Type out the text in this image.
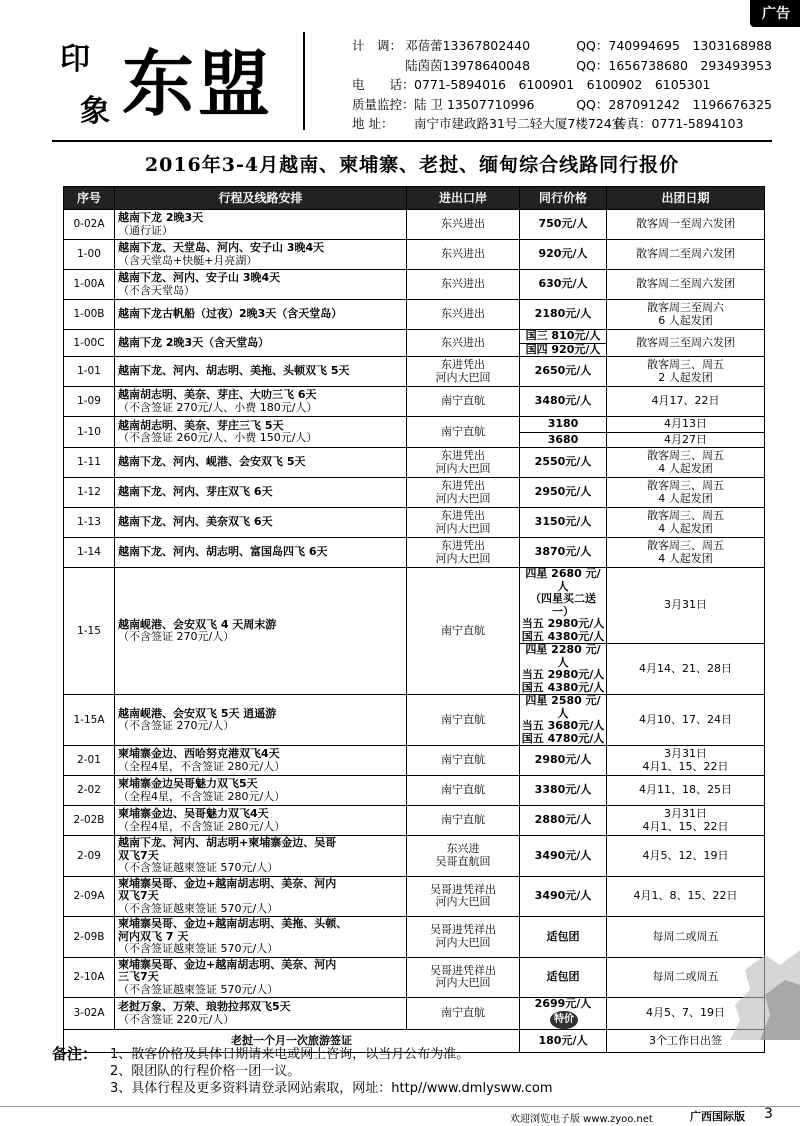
广告
印
象 东盟	计　调： 邓蓓蕾13367802440	QQ：740994695　1303168988
陆茵茵13978640048	QQ：1656738680　293493953
电　　话： 0771-5894016　6100901　6100902　6105301
质量监控： 陆 卫 13507710996	QQ：287091242　1196676325
地 址：	南宁市建政路31号二轻大厦7楼724室
传真：0771-5894103
2016年3-4月越南、柬埔寨、老挝、缅甸综合线路同行报价
序号	行程及线路安排	进出口岸	同行价格	出团日期
0-02A	越南下龙 2晚3天
（通行证）	东兴进出	750元/人	散客周一至周六发团
1-00	越南下龙、天堂岛、河内、安子山 3晚4天
（含天堂岛+快艇+月亮湖）	东兴进出	920元/人	散客周二至周六发团
1-00A	越南下龙、河内、安子山 3晚4天
（不含天堂岛）	东兴进出	630元/人	散客周二至周六发团
1-00B	越南下龙古帆船（过夜）2晚3天（含天堂岛）	东兴进出	2180元/人	散客周三至周六
6 人起发团
1-00C	越南下龙 2晚3天（含天堂岛）	东兴进出	国三 810元/人	散客周三至周六发团

			国四 920元/人	

1-01	越南下龙、河内、胡志明、美拖、头顿双飞 5天	东进凭出
河内大巴回	2650元/人	散客周三、周五
2 人起发团
1-09	越南胡志明、美奈、芽庄、大叻三飞 6天
（不含签证 270元/人、小费 180元/人）	南宁直航	3480元/人	4月17、22日
1-10	越南胡志明、美奈、芽庄三飞 5天
（不含签证 260元/人、小费 150元/人）	南宁直航	3180	4月13日

			3680	4月27日
1-11	越南下龙、河内、岘港、会安双飞 5天	东进凭出
河内大巴回	2550元/人	散客周三、周五
4 人起发团
1-12	越南下龙、河内、芽庄双飞 6天	东进凭出
河内大巴回	2950元/人	散客周三、周五
4 人起发团
1-13	越南下龙、河内、美奈双飞 6天	东进凭出
河内大巴回	3150元/人	散客周三、周五
4 人起发团
1-14	越南下龙、河内、胡志明、富国岛四飞 6天	东进凭出
河内大巴回	3870元/人	散客周三、周五
4 人起发团
1-15	越南岘港、会安双飞 4 天周末游
（不含签证 270元/人）	南宁直航	四星 2680 元/人
（四星买二送一）
当五 2980元/人
国五 4380元/人	3月31日

			四星 2280 元/人
当五 2980元/人
国五 4380元/人	4月14、21、28日
1-15A	越南岘港、会安双飞 5天 逍遥游
（不含签证 270元/人）	南宁直航	四星 2580 元/人
当五 3680元/人
国五 4780元/人	4月10、17、24日
2-01	柬埔寨金边、西哈努克港双飞4天
（全程4星，不含签证 280元/人）	南宁直航	2980元/人	3月31日
4月1、15、22日
2-02	柬埔寨金边吴哥魅力双飞5天
（全程4星，不含签证 280元/人）	南宁直航	3380元/人	4月11、18、25日
2-02B	柬埔寨金边、吴哥魅力双飞4天
（全程4星，不含签证 280元/人）	南宁直航	2880元/人	3月31日
4月1、15、22日
2-09	越南下龙、河内、胡志明+柬埔寨金边、吴哥
双飞7天
（不含签证越柬签证 570元/人）	东兴进
吴哥直航回	3490元/人	4月5、12、19日
2-09A	柬埔寨吴哥、金边+越南胡志明、美奈、河内
双飞7天
（不含签证越柬签证 570元/人）	吴哥进凭祥出
河内大巴回	3490元/人	4月1、8、15、22日
2-09B	柬埔寨吴哥、金边+越南胡志明、美拖、头顿、
河内双飞 7 天
（不含签证越柬签证 570元/人）	吴哥进凭祥出
河内大巴回	适包团	每周二或周五
2-10A	柬埔寨吴哥、金边+越南胡志明、美奈、河内
三飞7天
（不含签证越柬签证 570元/人）	吴哥进凭祥出
河内大巴回	适包团	每周二或周五
3-02A	老挝万象、万荣、琅勃拉邦双飞5天
（不含签证 220元/人）	南宁直航	2699元/人特价	4月5、7、19日
老挝一个月一次旅游签证			180元/人	3个工作日出签
备注： 1、散客价格及具体日期请来电或网上咨询，以当月公布为准。
2、限团队的行程价格一团一议。
3、具体行程及更多资料请登录网站索取，网址：http//www.dmlysww.com
欢迎浏览电子版 www.zyoo.net	广西国际版 3
